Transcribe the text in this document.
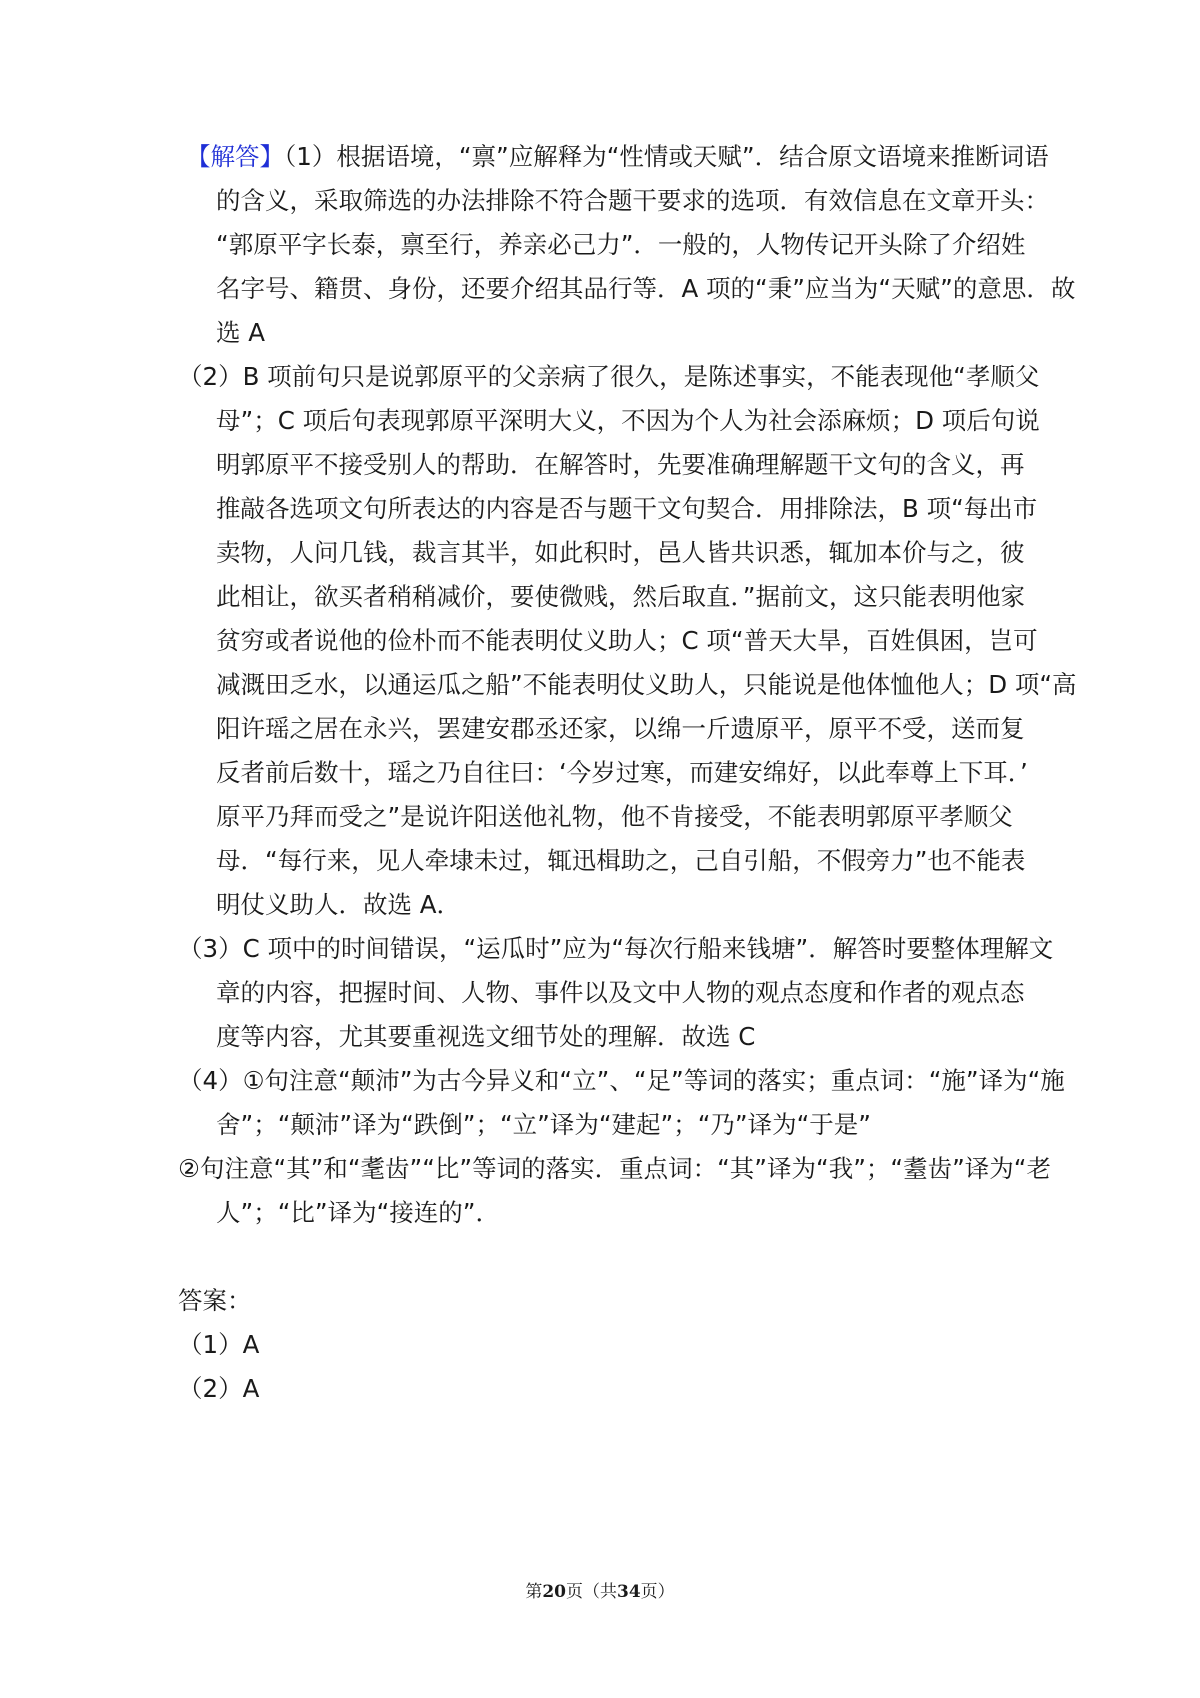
【解答】（1）根据语境，“禀”应解释为“性情或天赋”．结合原文语境来推断词语
的含义，采取筛选的办法排除不符合题干要求的选项．有效信息在文章开头：
“郭原平字长泰，禀至行，养亲必己力”．一般的，人物传记开头除了介绍姓
名字号、籍贯、身份，还要介绍其品行等．A 项的“秉”应当为“天赋”的意思．故
选 A
（2）B 项前句只是说郭原平的父亲病了很久，是陈述事实，不能表现他“孝顺父
母”；C 项后句表现郭原平深明大义，不因为个人为社会添麻烦；D 项后句说
明郭原平不接受别人的帮助．在解答时，先要准确理解题干文句的含义，再
推敲各选项文句所表达的内容是否与题干文句契合．用排除法，B 项“每出市
卖物，人问几钱，裁言其半，如此积时，邑人皆共识悉，辄加本价与之，彼
此相让，欲买者稍稍减价，要使微贱，然后取直．”据前文，这只能表明他家
贫穷或者说他的俭朴而不能表明仗义助人；C 项“普天大旱，百姓俱困，岂可
减溉田乏水，以通运瓜之船”不能表明仗义助人，只能说是他体恤他人；D 项“高
阳许瑶之居在永兴，罢建安郡丞还家，以绵一斤遗原平，原平不受，送而复
反者前后数十，瑶之乃自往曰：‘今岁过寒，而建安绵好，以此奉尊上下耳．’
原平乃拜而受之”是说许阳送他礼物，他不肯接受，不能表明郭原平孝顺父
母．“每行来，见人牵埭未过，辄迅楫助之，己自引船，不假旁力”也不能表
明仗义助人．故选 A．
（3）C 项中的时间错误，“运瓜时”应为“每次行船来钱塘”．解答时要整体理解文
章的内容，把握时间、人物、事件以及文中人物的观点态度和作者的观点态
度等内容，尤其要重视选文细节处的理解．故选 C
（4）①句注意“颠沛”为古今异义和“立”、“足”等词的落实；重点词：“施”译为“施
舍”；“颠沛”译为“跌倒”；“立”译为“建起”；“乃”译为“于是”
②句注意“其”和“耄齿”“比”等词的落实．重点词：“其”译为“我”；“耋齿”译为“老
人”；“比”译为“接连的”．
答案：
（1）A
（2）A
第20页（共34页）
